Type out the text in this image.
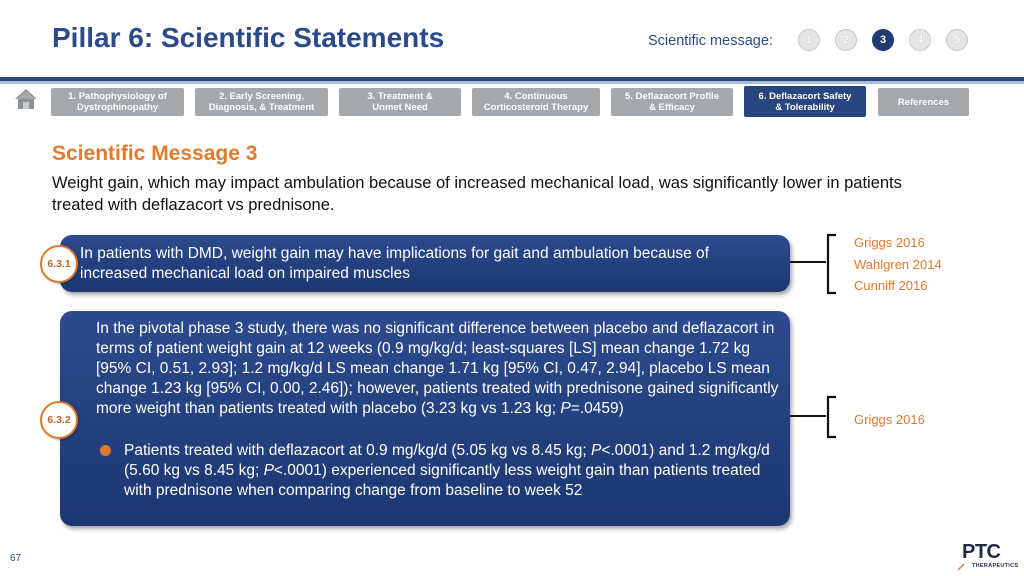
Pillar 6: Scientific Statements	Scientific message:	1	2	3	4	5
1. Pathophysiology of
Dystrophinopathy
2. Early Screening,
Diagnosis, & Treatment
3. Treatment &
Unmet Need
4. Continuous
Corticosteroid Therapy
5. Deflazacort Profile
& Efficacy
6. Deflazacort Safety
& Tolerability	References
Scientific Message 3
Weight gain, which may impact ambulation because of increased mechanical load, was significantly lower in patients treated with deflazacort vs prednisone.
In patients with DMD, weight gain may have implications for gait and ambulation because of increased mechanical load on impaired muscles
6.3.1
In the pivotal phase 3 study, there was no significant difference between placebo and deflazacort in terms of patient weight gain at 12 weeks (0.9 mg/kg/d; least-squares [LS] mean change 1.72 kg [95% CI, 0.51, 2.93]; 1.2 mg/kg/d LS mean change 1.71 kg [95% CI, 0.47, 2.94], placebo LS mean change 1.23 kg [95% CI, 0.00, 2.46]); however, patients treated with prednisone gained significantly more weight than patients treated with placebo (3.23 kg vs 1.23 kg; P=.0459)
Patients treated with deflazacort at 0.9 mg/kg/d (5.05 kg vs 8.45 kg; P<.0001) and 1.2 mg/kg/d (5.60 kg vs 8.45 kg; P<.0001) experienced significantly less weight gain than patients treated with prednisone when comparing change from baseline to week 52
6.3.2
Griggs 2016
Wahlgren 2014
Cunniff 2016
Griggs 2016
67	PTC
THERAPEUTICS
